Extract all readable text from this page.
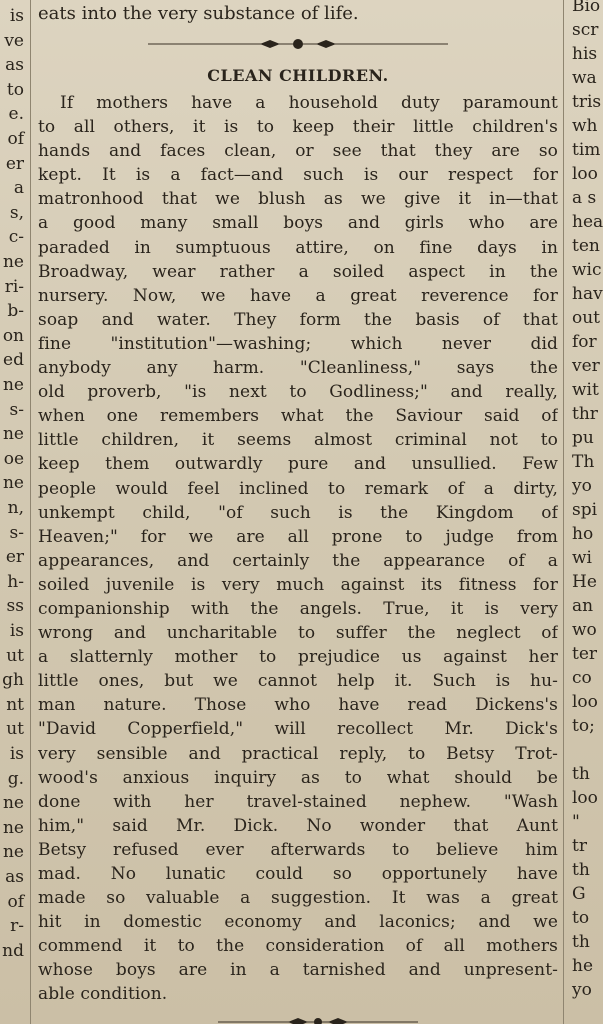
is
ve
as
to
e.
of
er
a
s,
c-
ne
ri-
b-
on
ed
ne
s-
ne
oe
ne
n,
s-
er
h-
ss
is
ut
gh
nt
ut
is
g.
ne
ne
ne
as
of
r-
nd
eats into the very substance of life.
CLEAN CHILDREN.
If mothers have a household duty paramount
to all others, it is to keep their little children's
hands and faces clean, or see that they are so
kept. It is a fact—and such is our respect for
matronhood that we blush as we give it in—that
a good many small boys and girls who are
paraded in sumptuous attire, on fine days in
Broadway, wear rather a soiled aspect in the
nursery. Now, we have a great reverence for
soap and water. They form the basis of that
fine "institution"—washing; which never did
anybody any harm. "Cleanliness," says the
old proverb, "is next to Godliness;" and really,
when one remembers what the Saviour said of
little children, it seems almost criminal not to
keep them outwardly pure and unsullied. Few
people would feel inclined to remark of a dirty,
unkempt child, "of such is the Kingdom of
Heaven;" for we are all prone to judge from
appearances, and certainly the appearance of a
soiled juvenile is very much against its fitness for
companionship with the angels. True, it is very
wrong and uncharitable to suffer the neglect of
a slatternly mother to prejudice us against her
little ones, but we cannot help it. Such is hu-
man nature. Those who have read Dickens's
"David Copperfield," will recollect Mr. Dick's
very sensible and practical reply, to Betsy Trot-
wood's anxious inquiry as to what should be
done with her travel-stained nephew. "Wash
him," said Mr. Dick. No wonder that Aunt
Betsy refused ever afterwards to believe him
mad. No lunatic could so opportunely have
made so valuable a suggestion. It was a great
hit in domestic economy and laconics; and we
commend it to the consideration of all mothers
whose boys are in a tarnished and unpresent-
able condition.
Bio
scr
his
wa
tris
wh
tim
loo
a s
hea
ten
wic
hav
out
for
ver
wit
thr
pu
Th
yo
spi
ho
wi
He
an
wo
ter
co
loo
to;
th
loo
"
tr
th
G
to
th
he
yo
